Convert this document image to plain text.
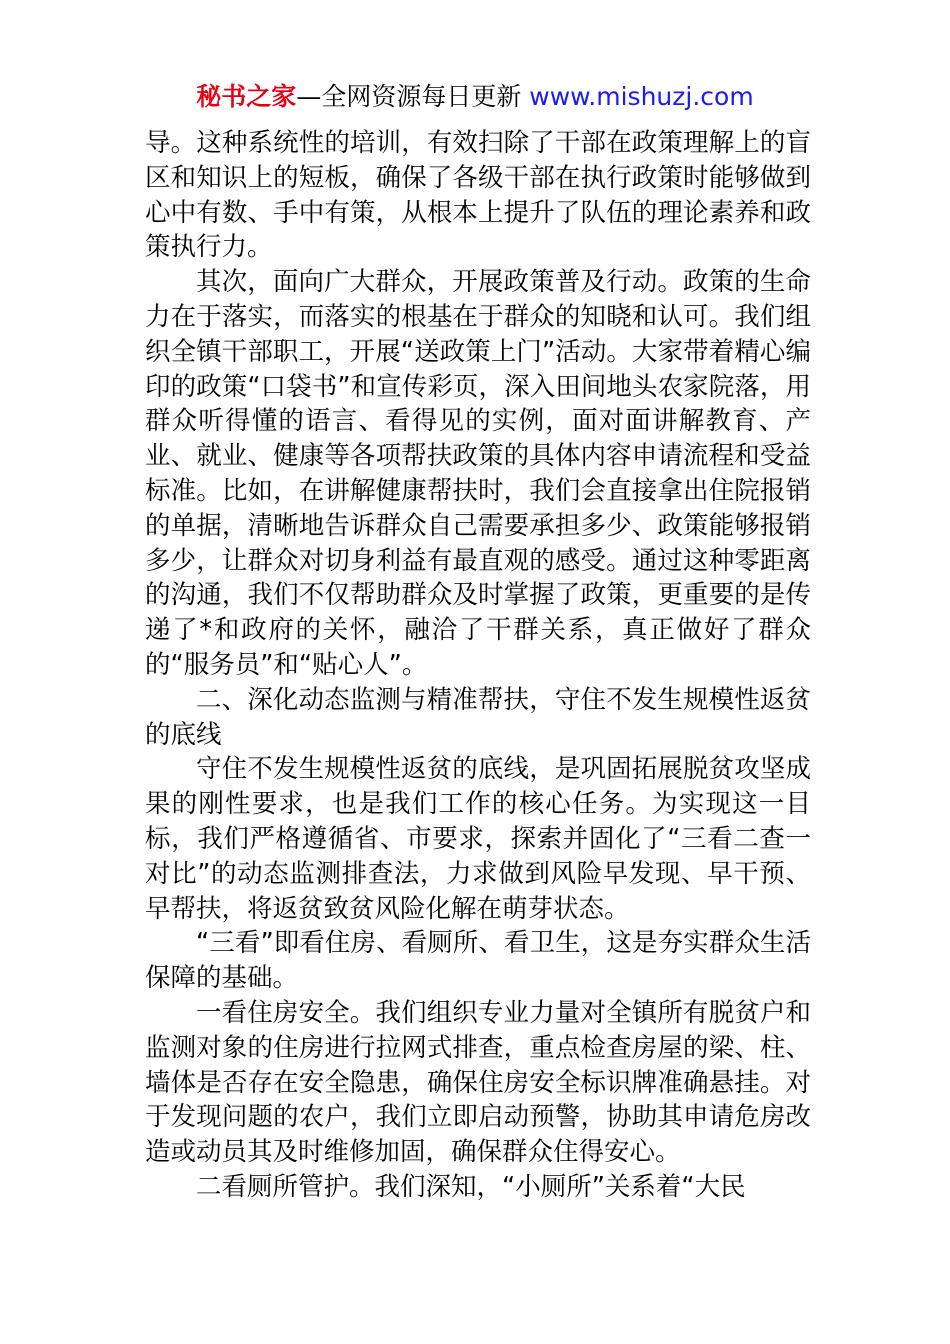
秘书之家—全网资源每日更新 www.mishuzj.com

导。这种系统性的培训，有效扫除了干部在政策理解上的盲区和知识上的短板，确保了各级干部在执行政策时能够做到心中有数、手中有策，从根本上提升了队伍的理论素养和政策执行力。

其次，面向广大群众，开展政策普及行动。政策的生命力在于落实，而落实的根基在于群众的知晓和认可。我们组织全镇干部职工，开展“送政策上门”活动。大家带着精心编印的政策“口袋书”和宣传彩页，深入田间地头农家院落，用群众听得懂的语言、看得见的实例，面对面讲解教育、产业、就业、健康等各项帮扶政策的具体内容申请流程和受益标准。比如，在讲解健康帮扶时，我们会直接拿出住院报销的单据，清晰地告诉群众自己需要承担多少、政策能够报销多少，让群众对切身利益有最直观的感受。通过这种零距离的沟通，我们不仅帮助群众及时掌握了政策，更重要的是传递了*和政府的关怀，融洽了干群关系，真正做好了群众的“服务员”和“贴心人”。

二、深化动态监测与精准帮扶，守住不发生规模性返贫的底线

守住不发生规模性返贫的底线，是巩固拓展脱贫攻坚成果的刚性要求，也是我们工作的核心任务。为实现这一目标，我们严格遵循省、市要求，探索并固化了“三看二查一对比”的动态监测排查法，力求做到风险早发现、早干预、早帮扶，将返贫致贫风险化解在萌芽状态。

“三看”即看住房、看厕所、看卫生，这是夯实群众生活保障的基础。

一看住房安全。我们组织专业力量对全镇所有脱贫户和监测对象的住房进行拉网式排查，重点检查房屋的梁、柱、墙体是否存在安全隐患，确保住房安全标识牌准确悬挂。对于发现问题的农户，我们立即启动预警，协助其申请危房改造或动员其及时维修加固，确保群众住得安心。

二看厕所管护。我们深知，“小厕所”关系着“大民
